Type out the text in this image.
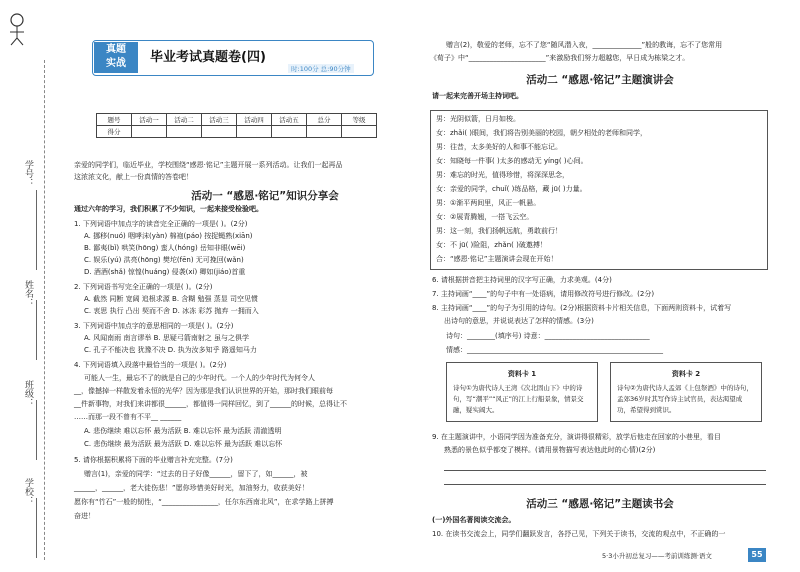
学号：
姓名：
班级：
学校：
真题
实战	毕业考试真题卷(四)
时:100分 总:90分钟
题号	活动一	活动二	活动三	活动四	活动五	总分	等级
得分							
亲爱的同学们，临近毕业，学校围绕“感恩·铭记”主题开展一系列活动。让我们一起再品
这浓浓文化，献上一份真情的答卷吧！
活动一 “感恩·铭记”知识分享会
通过六年的学习，我们积累了不少知识，一起来接受检验吧。
1. 下列词语中加点字的读音完全正确的一项是( )。(2分)
A. 挪移(nuó) 咽哮沫(yàn) 棉袍(páo) 按捉蝇熟(xiān)
B. 鄙夷(bǐ) 哄笑(hōng) 蛮人(hóng) 岳知非眼(wēi)
C. 娱乐(yú) 洪亮(hōng) 樊坨(fēn) 无可挽回(wǎn)
D. 酒酒(shǎ) 惊惶(huáng) 侵袭(xí) 卿如(jiáo)首重
2. 下列词语书写完全正确的一项是( )。(2分)
A. 截然 同断 宽阔 追根求源 B. 含糊 勉强 蒸显 司空见惯
C. 衷思 执行 凸出 契而不舍 D. 冰冻 彩苏 抛弃 一拥而入
3. 下列词语中加点字的意思相同的一项是( )。(2分)
A. 风闻南雨 南言谬举 B. 思疑弓箭南射之 虽与之俱学
C. 孔子不能决也 犹豫不决 D. 执为汝多知乎 路遥知马力
4. 下列词语填入段落中最恰当的一项是( )。(2分)
可能人一生，最忘不了的就是自己的少年时代。一个人的少年时代为何令人
__，像撼掉一样散发着永恒的光华？因为那是我们认识世界的开始，那时我们眼前每
__件新事物，对我们来讲都很______，都值得一同样回忆，到了______的时候，总得让不
……而那一段不曾有不平__ ______
A. 悲伤继续 难以忘怀 最为活跃 B. 难以忘怀 最为活跃 清澈透明
C. 悲伤继续 最为活跃 最为活跃 D. 难以忘怀 最为活跃 难以忘怀
5. 请你根据积累将下面的毕业赠言补充完整。(7分)
赠言(1)，亲爱的同学：“过去的日子好像______，留下了，如______，被
______，______，老大徒伤悲！”愿你珍惜美好时光，加油努力，收获美好！
愿你有“竹石”一般的韧性，“________________，任尔东西南北风”，在求学路上拼搏
奋进！
赠言(2)，敬爱的老师，忘不了您“随风潜入夜，______________”般的教诲，忘不了您常用
《荀子》中“______________________”来激励我们努力超越您，早日成为栋梁之才。
活动二 “感恩·铭记”主题演讲会
请一起来完善开场主持词吧。
男：光阴似箭，日月如梭。
女：zhǎi( )眼间，我们将告别美丽的校园，朝夕相处的老师和同学，
男：往昔，太多美好的人和事不能忘记。
女：知晓每一件事( )太多的感动无 yíng( )心间。
男：难忘的时光，值得珍惜，将深深思念，
女：亲爱的同学，chuǐ( )练品格，藏 jū( )力量。
男：①渐平两间里，风正一帆悬。
女：②展青腾翘，一搭飞云空。
男：这一刻，我们扬帆远航，勇敢前行！
女：不 jū( )险阻，zhǎn( )破邀搏！
合：“感恩·铭记”主题演讲会现在开始！
6. 请根据拼音把主持词里的汉字写正确，力求美观。(4分)
7. 主持词画“____”的句子中有一处语病，请用修改符号进行修改。(2分)
8. 主持词画“____”的句子为引用的诗句。(2分)根据资料卡片相关信息，下面两则资料卡，试着写
出诗句的意思，并说说表达了怎样的情感。(3分)
诗句：________(填序号) 诗意：______________________________
情感：________________________________________________________
资料卡 1
诗句①为唐代诗人王湾《次北固山下》中的诗句，写“潮平”“风正”的江上行船景象，情景交融，疑实阔大。
资料卡 2
诗句②为唐代诗人孟郊《上包祭酒》中的诗句，孟郊36岁时其写作诗主试官员，表达渴望成功，希望得到赏识。
9. 在主题演讲中，小语同学因为准备充分，演讲得很精彩，放学后他走在回家的小巷里，看目
熟悉的景色似乎都变了模样。(请用景物描写表达他此时的心情)(2分)
活动三 “感恩·铭记”主题读书会
(一)外国名著阅读交流会。
10. 在读书交流会上，同学们翻跃发言，各抒己见，下列关于读书，交流的观点中，不正确的一
5·3小升初总复习——考前训练测·语文	55
